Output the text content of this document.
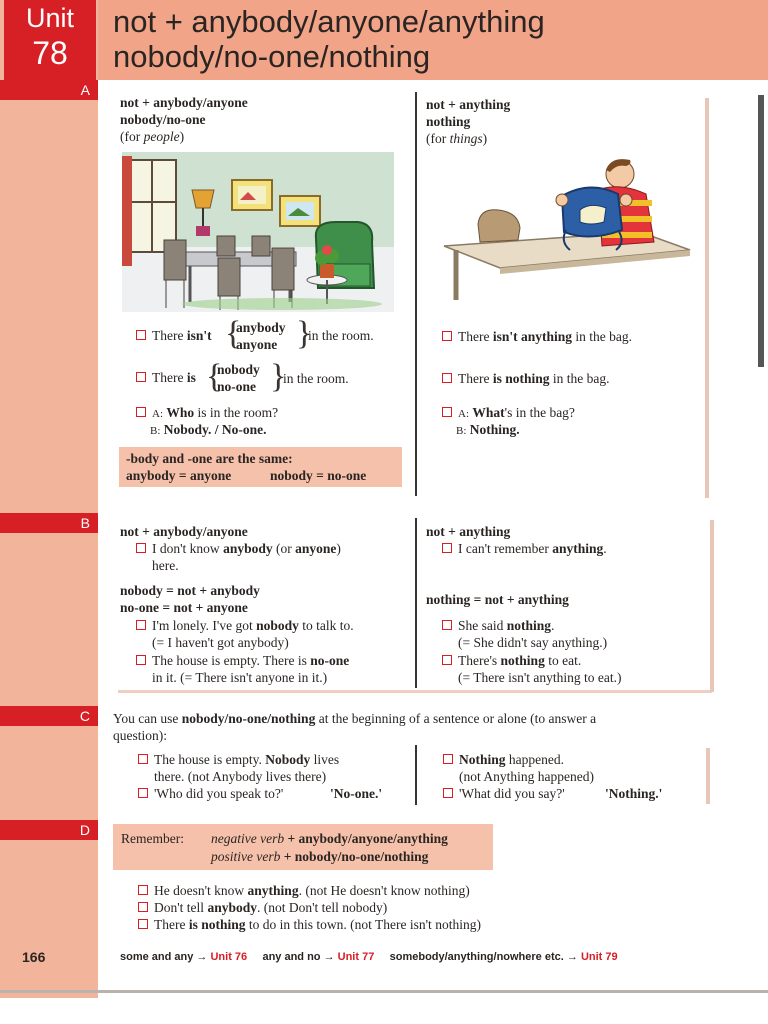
Unit
78
not + anybody/anyone/anything
nobody/no-one/nothing
A
B
C
D
not + anybody/anyone
nobody/no-one
(for people)
There isn't {
anybody
anyone }
in the room.
There is {
nobody
no-one }
in the room.
A: Who is in the room?
B: Nobody. / No-one.
-body and -one are the same:
anybody = anyone	nobody = no-one
not + anything
nothing
(for things)
There isn't anything in the bag.
There is nothing in the bag.
A: What's in the bag?
B: Nothing.
not + anybody/anyone
I don't know anybody (or anyone)
here.
nobody = not + anybody
no-one = not + anyone
I'm lonely. I've got nobody to talk to.
(= I haven't got anybody)
The house is empty. There is no-one
in it. (= There isn't anyone in it.)
not + anything
I can't remember anything.
nothing = not + anything
She said nothing.
(= She didn't say anything.)
There's nothing to eat.
(= There isn't anything to eat.)
You can use nobody/no-one/nothing at the beginning of a sentence or alone (to answer a
question):
The house is empty. Nobody lives
there. (not Anybody lives there)
'Who did you speak to?'	'No-one.'
Nothing happened.
(not Anything happened)
'What did you say?'	'Nothing.'
Remember: negative verb + anybody/anyone/anything
positive verb + nobody/no-one/nothing
He doesn't know anything. (not He doesn't know nothing)
Don't tell anybody. (not Don't tell nobody)
There is nothing to do in this town. (not There isn't nothing)
166	some and any → Unit 76 any and no → Unit 77 somebody/anything/nowhere etc. → Unit 79
